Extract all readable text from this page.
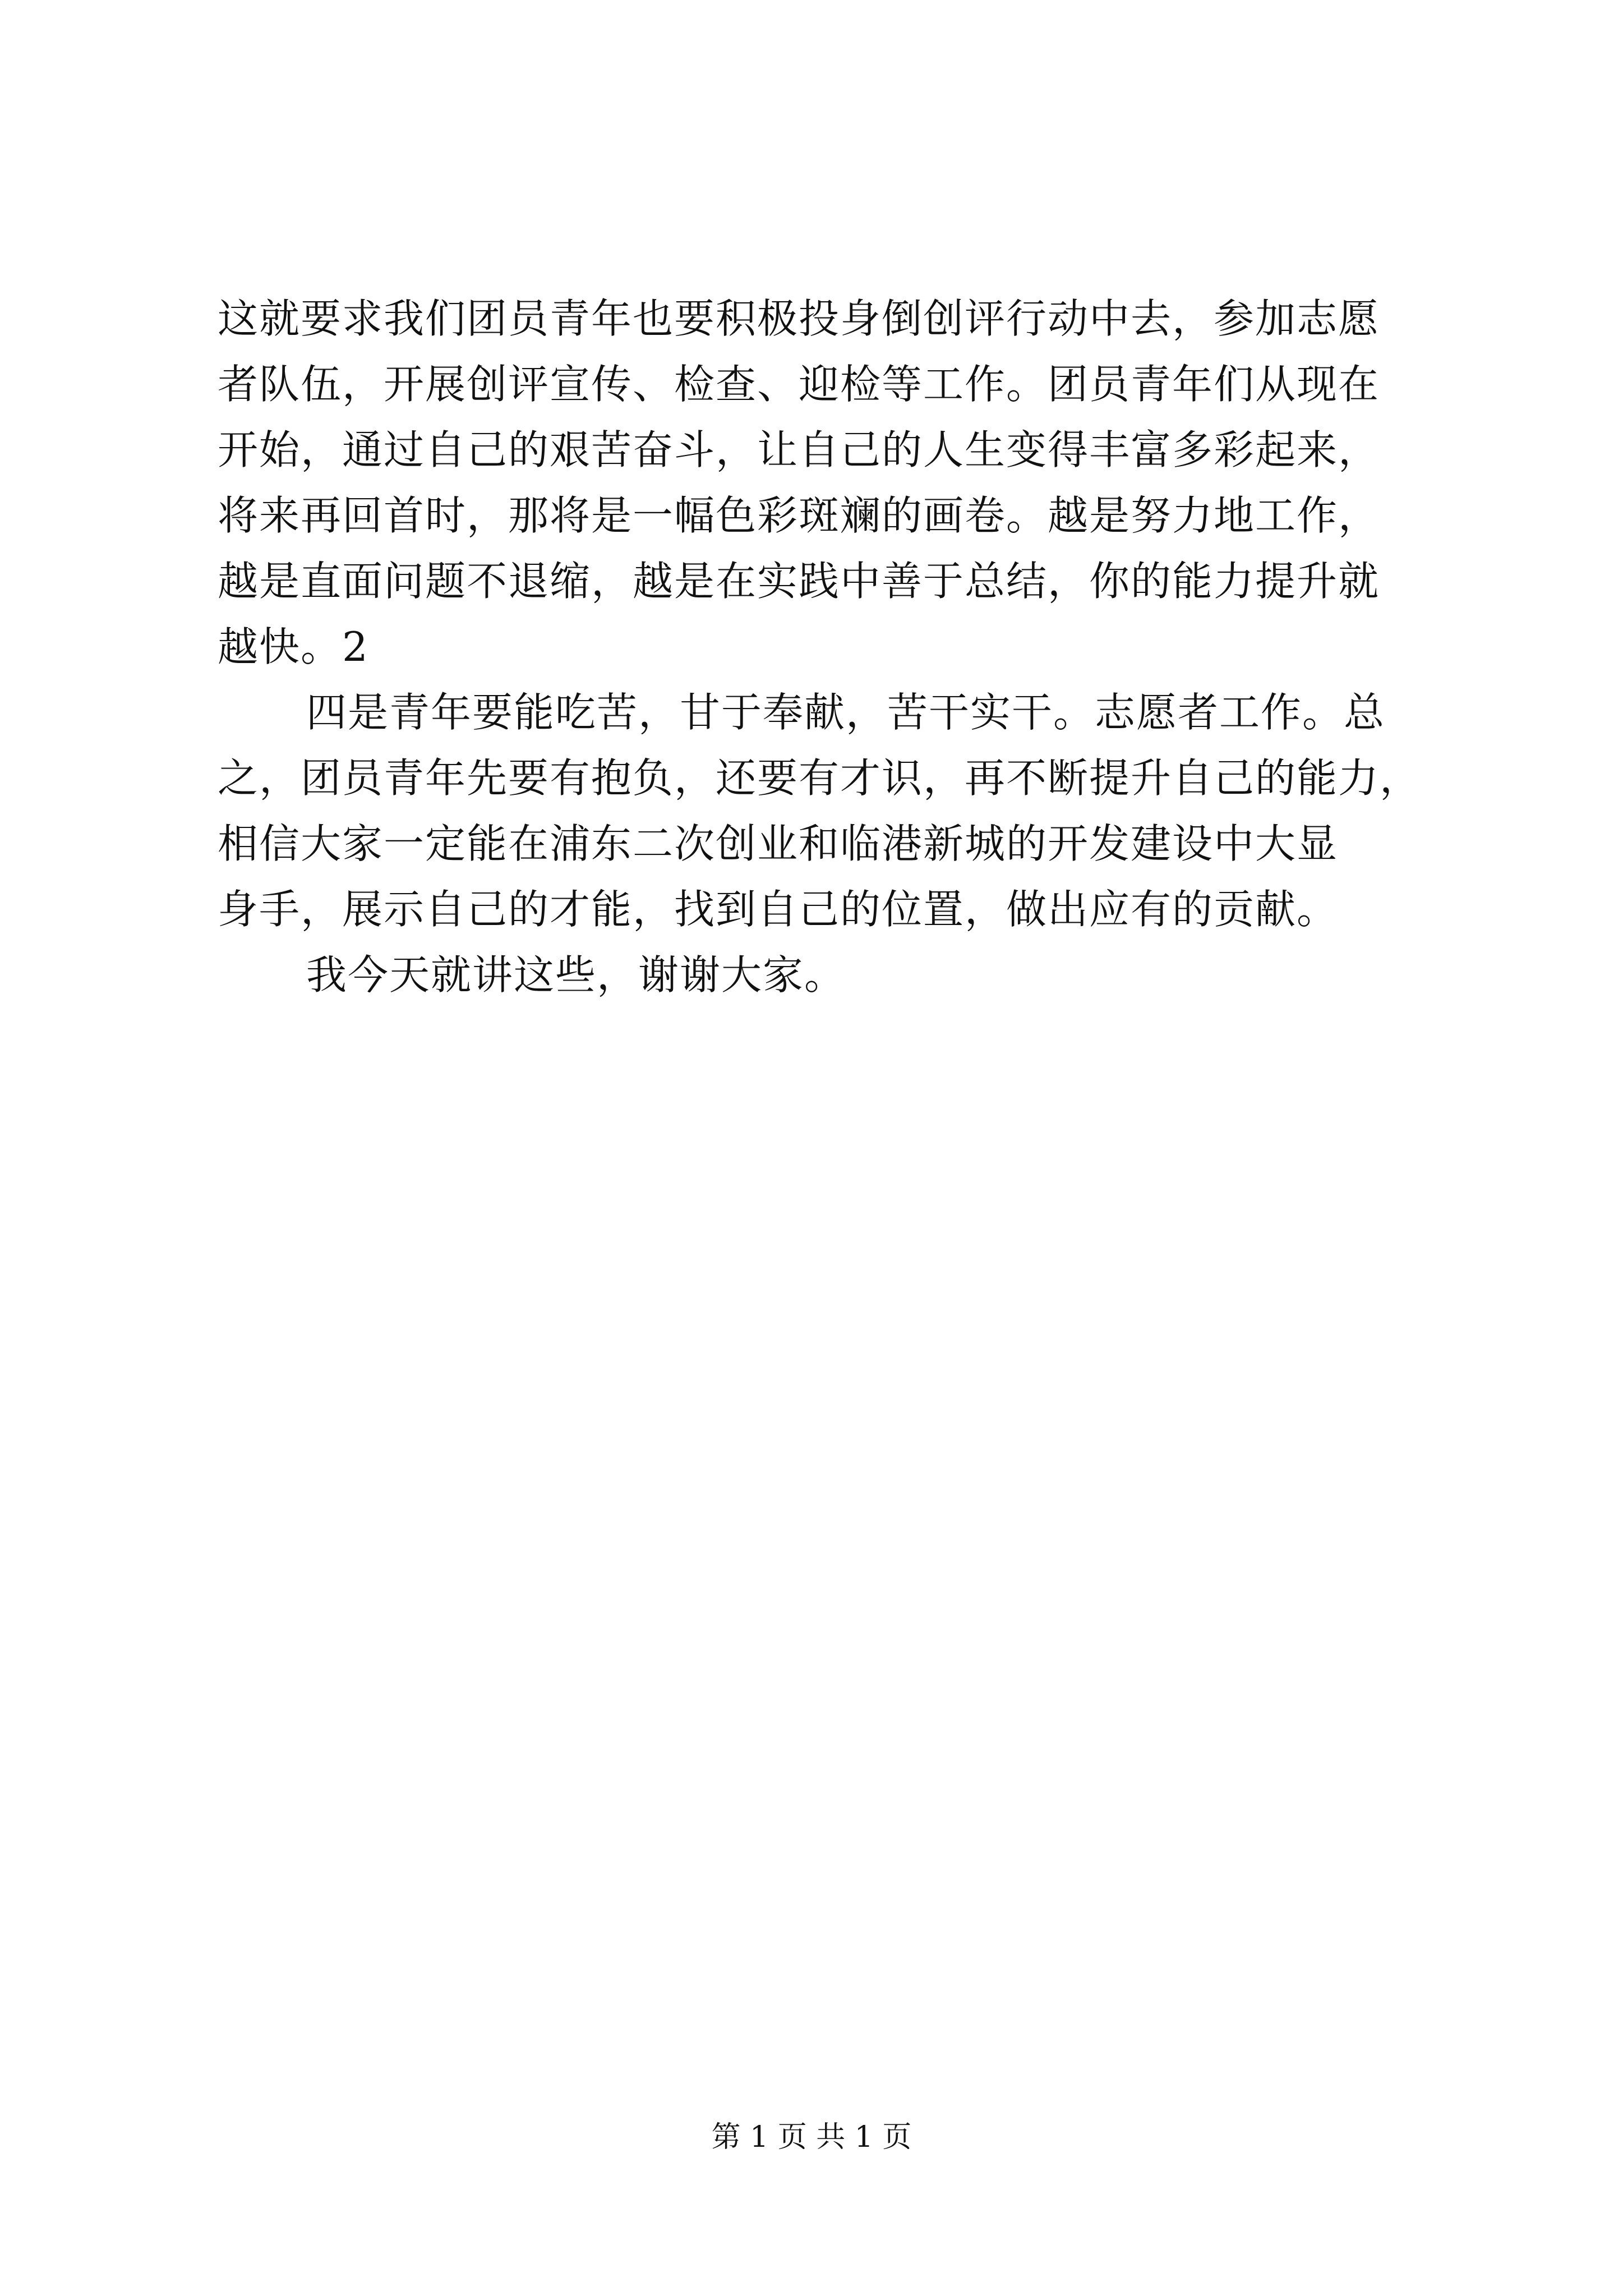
这就要求我们团员青年也要积极投身倒创评行动中去，参加志愿
者队伍，开展创评宣传、检查、迎检等工作。团员青年们从现在
开始，通过自己的艰苦奋斗，让自己的人生变得丰富多彩起来，
将来再回首时，那将是一幅色彩斑斓的画卷。越是努力地工作，
越是直面问题不退缩，越是在实践中善于总结，你的能力提升就
越快。2

四是青年要能吃苦，甘于奉献，苦干实干。志愿者工作。总
之，团员青年先要有抱负，还要有才识，再不断提升自己的能力，
相信大家一定能在浦东二次创业和临港新城的开发建设中大显
身手，展示自己的才能，找到自己的位置，做出应有的贡献。

我今天就讲这些，谢谢大家。

第 1 页 共 1 页
